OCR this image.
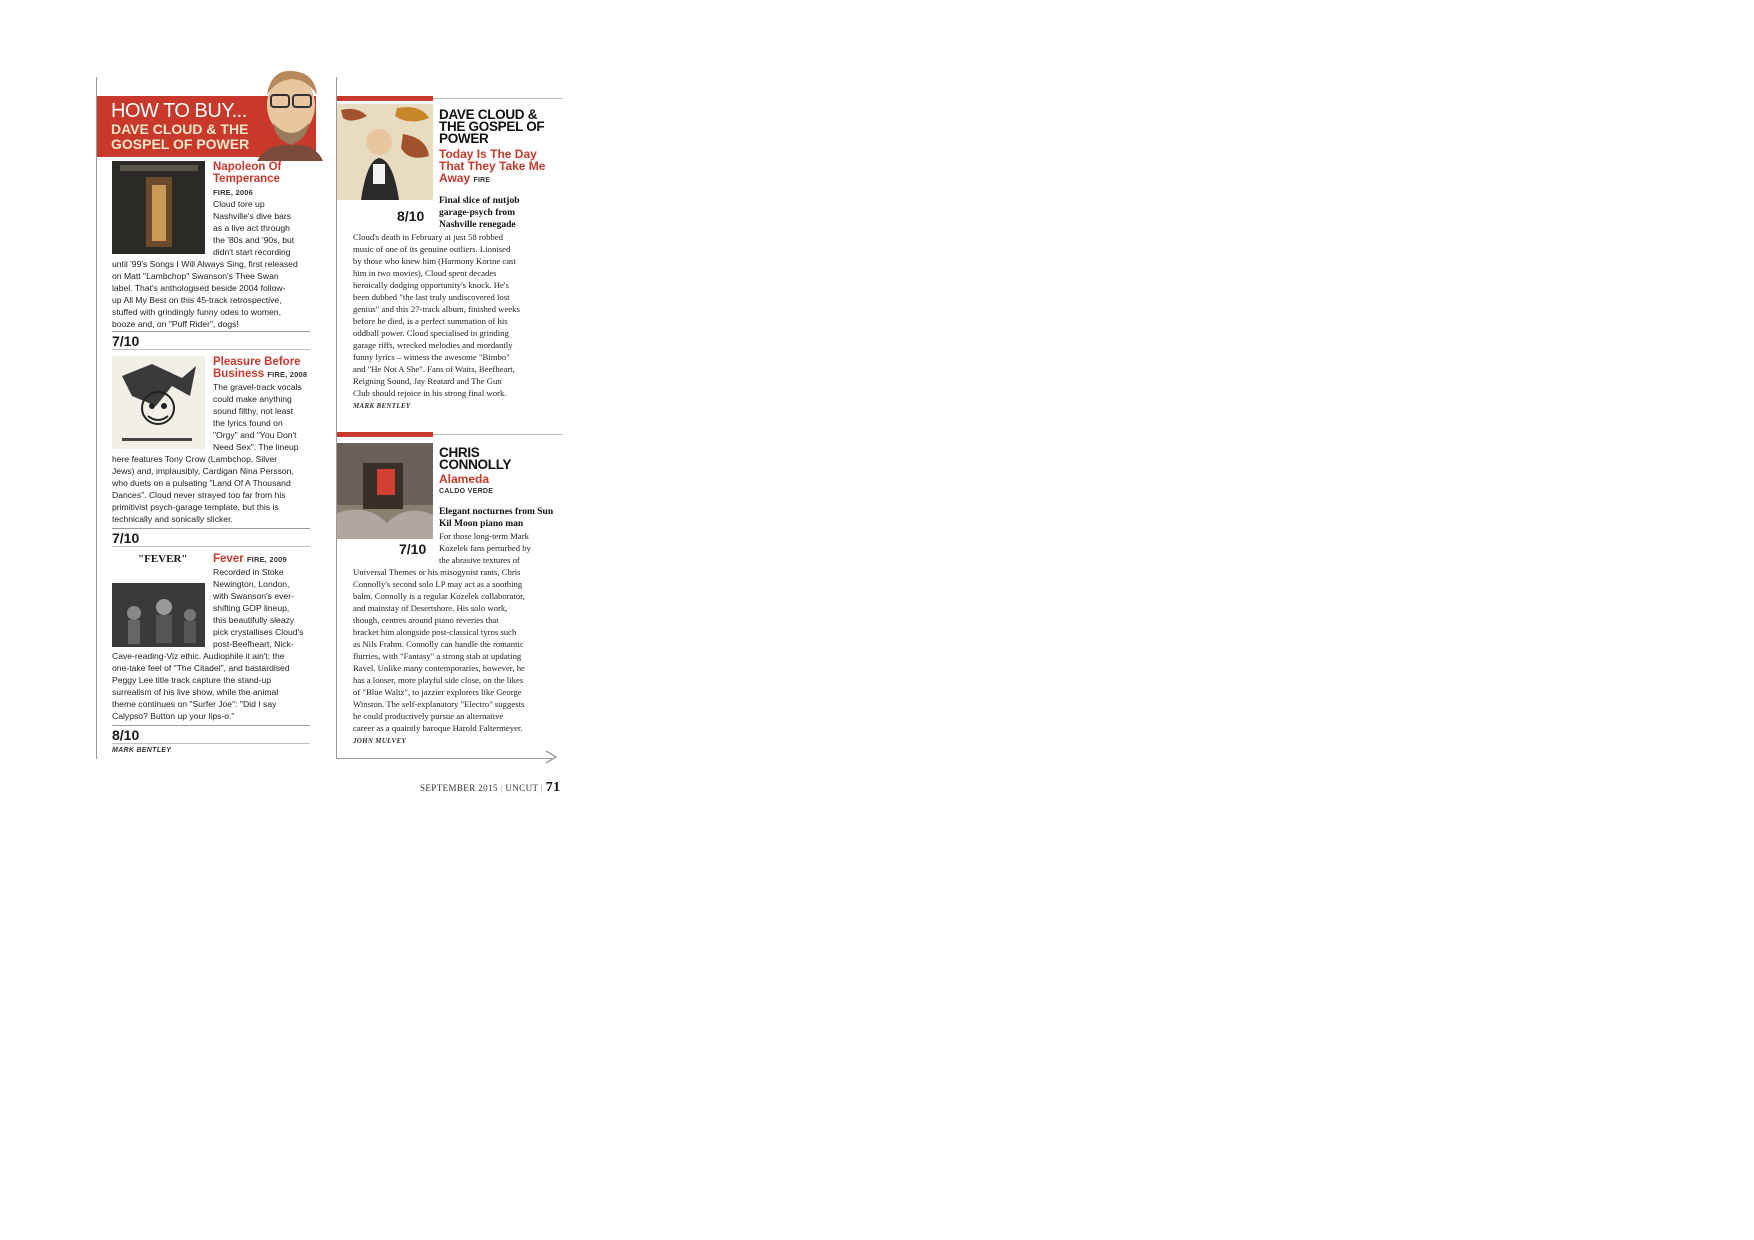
HOW TO BUY...
DAVE CLOUD & THE GOSPEL OF POWER
Napoleon Of Temperance
FIRE, 2006
Cloud tore up
Nashville's dive bars
as a live act through
the '80s and '90s, but
didn't start recording
until '99's Songs I Will Always Sing, first released
on Matt "Lambchop" Swanson's Thee Swan
label. That's anthologised beside 2004 follow-
up All My Best on this 45-track retrospective,
stuffed with grindingly funny odes to women,
booze and, on "Puff Rider", dogs!
7/10
Pleasure Before Business FIRE, 2008
The gravel-track vocals
could make anything
sound filthy, not least
the lyrics found on
"Orgy" and "You Don't
Need Sex". The lineup
here features Tony Crow (Lambchop, Silver
Jews) and, implausibly, Cardigan Nina Persson,
who duets on a pulsating "Land Of A Thousand
Dances". Cloud never strayed too far from his
primitivist psych-garage template, but this is
technically and sonically slicker.
7/10
"FEVER" Fever FIRE, 2009
Recorded in Stoke
Newington, London,
with Swanson's ever-
shifting GOP lineup,
this beautifully sleazy
pick crystallises Cloud's
post-Beefheart, Nick-
Cave-reading-Viz ethic. Audiophile it ain't; the
one-take feel of "The Citadel", and bastardised
Peggy Lee title track capture the stand-up
surrealism of his live show, while the animal
theme continues on "Surfer Joe": "Did I say
Calypso? Button up your lips-o."
8/10
MARK BENTLEY
DAVE CLOUD & THE GOSPEL OF POWER
Today Is The Day That They Take Me Away FIRE
8/10
Final slice of nutjob garage-psych from Nashville renegade
Cloud's death in February at just 58 robbed
music of one of its genuine outliers. Lionised
by those who knew him (Harmony Korine cast
him in two movies), Cloud spent decades
heroically dodging opportunity's knock. He's
been dubbed "the last truly undiscovered lost
genius" and this 27-track album, finished weeks
before he died, is a perfect summation of his
oddball power. Cloud specialised in grinding
garage riffs, wrecked melodies and mordantly
funny lyrics – witness the awesome "Bimbo"
and "He Not A She". Fans of Waits, Beefheart,
Reigning Sound, Jay Reatard and The Gun
Club should rejoice in his strong final work.
MARK BENTLEY
CHRIS CONNOLLY
Alameda
CALDO VERDE
Elegant nocturnes from Sun Kil Moon piano man
7/10
For those long-term Mark
Kozelek fans perturbed by
the abrasive textures of
Universal Themes or his misogynist rants, Chris
Connolly's second solo LP may act as a soothing
balm. Connolly is a regular Kozelek collaborator,
and mainstay of Desertshore. His solo work,
though, centres around piano reveries that
bracket him alongside post-classical tyros such
as Nils Frahm. Connolly can handle the romantic
flurries, with "Fantasy" a strong stab at updating
Ravel. Unlike many contemporaries, however, he
has a looser, more playful side close, on the likes
of "Blue Waltz", to jazzier explorers like George
Winston. The self-explanatory "Electro" suggests
he could productively pursue an alternative
career as a quaintly baroque Harold Faltermeyer.
JOHN MULVEY
SEPTEMBER 2015 | UNCUT | 71
